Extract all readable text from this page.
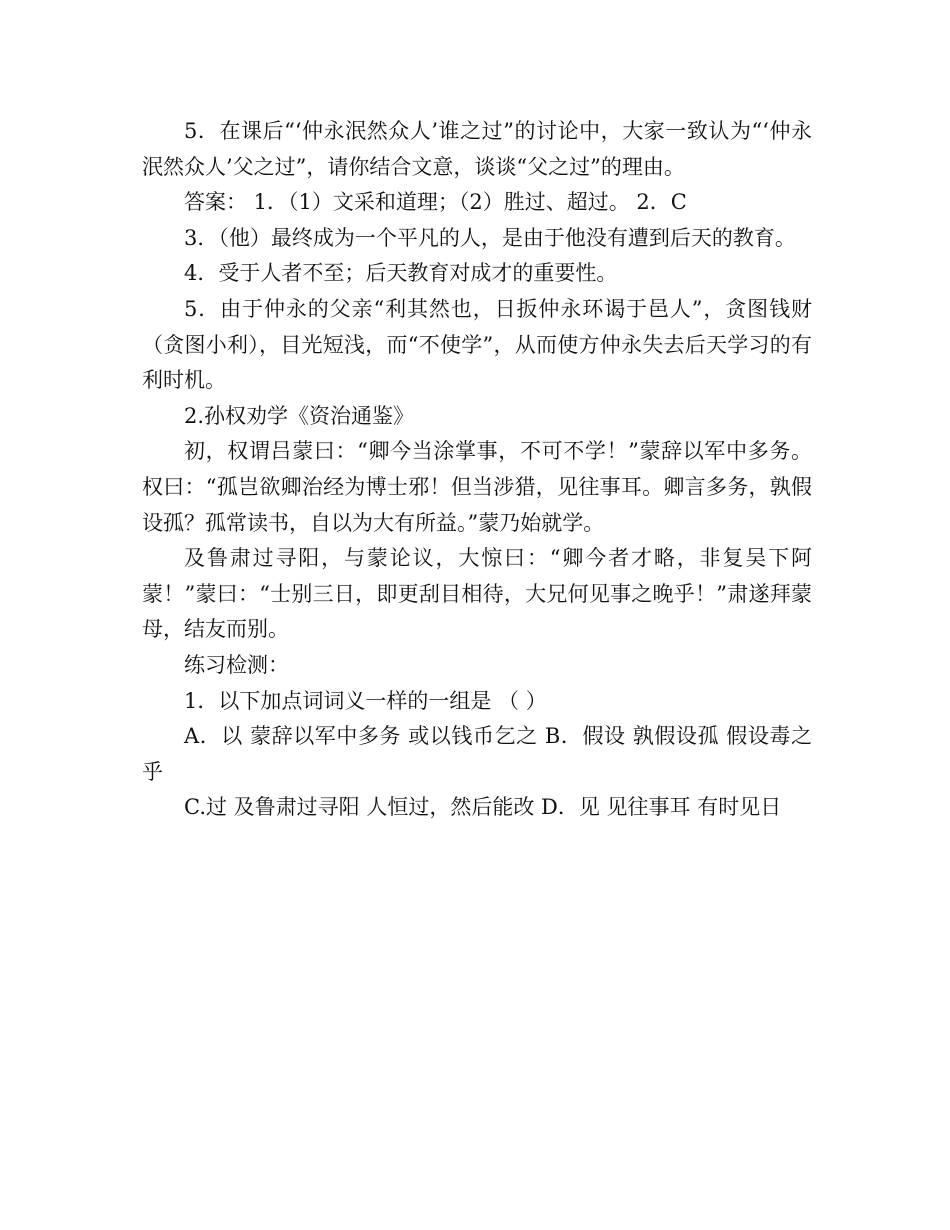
5．在课后“‘仲永泯然众人’谁之过”的讨论中，大家一致认为“‘仲永泯然众人’父之过”，请你结合文意，谈谈“父之过”的理由。

答案： 1．（1）文采和道理；（2）胜过、超过。 2．C

3．（他）最终成为一个平凡的人，是由于他没有遭到后天的教育。

4．受于人者不至；后天教育对成才的重要性。

5．由于仲永的父亲“利其然也，日扳仲永环谒于邑人”，贪图钱财（贪图小利），目光短浅，而“不使学”，从而使方仲永失去后天学习的有利时机。

2.孙权劝学《资治通鉴》

初，权谓吕蒙曰：“卿今当涂掌事，不可不学！”蒙辞以军中多务。权曰：“孤岂欲卿治经为博士邪！但当涉猎，见往事耳。卿言多务，孰假设孤？孤常读书，自以为大有所益。”蒙乃始就学。

及鲁肃过寻阳，与蒙论议，大惊曰：“卿今者才略，非复吴下阿蒙！”蒙曰：“士别三日，即更刮目相待，大兄何见事之晚乎！”肃遂拜蒙母，结友而别。

练习检测：

1．以下加点词词义一样的一组是 （ ）

A．以 蒙辞以军中多务 或以钱币乞之 B．假设 孰假设孤 假设毒之乎

C.过 及鲁肃过寻阳 人恒过，然后能改 D．见 见往事耳 有时见日
